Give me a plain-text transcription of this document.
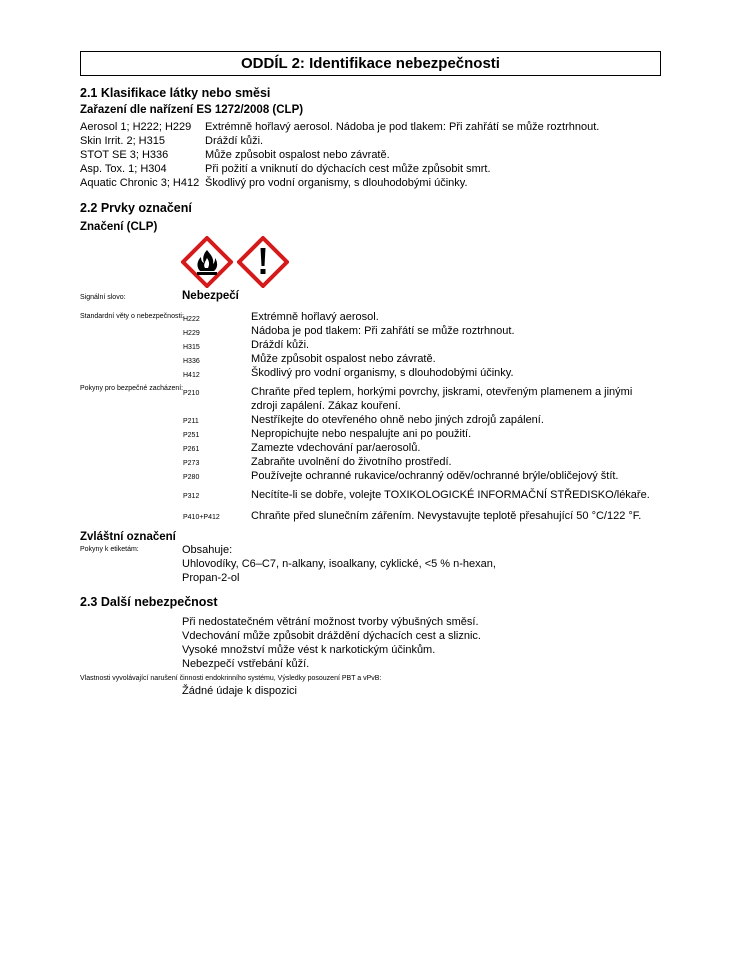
ODDÍL 2: Identifikace nebezpečnosti
2.1 Klasifikace látky nebo směsi
Zařazení dle nařízení ES 1272/2008 (CLP)
Aerosol 1; H222; H229 Extrémně hořlavý aerosol. Nádoba je pod tlakem: Při zahřátí se může roztrhnout.
Skin Irrit. 2; H315	Dráždí kůži.
STOT SE 3; H336	Může způsobit ospalost nebo závratě.
Asp. Tox. 1; H304	Při požití a vniknutí do dýchacích cest může způsobit smrt.
Aquatic Chronic 3; H412 Škodlivý pro vodní organismy, s dlouhodobými účinky.
2.2 Prvky označení
Značení (CLP)
Signální slovo:	Nebezpečí
Standardní věty o nebezpečnosti: H222	Extrémně hořlavý aerosol.
H229	Nádoba je pod tlakem: Při zahřátí se může roztrhnout.
H315	Dráždí kůži.
H336	Může způsobit ospalost nebo závratě.
H412	Škodlivý pro vodní organismy, s dlouhodobými účinky.
Pokyny pro bezpečné zacházení:
P210	Chraňte před teplem, horkými povrchy, jiskrami, otevřeným plamenem a jinými
zdroji zapálení. Zákaz kouření.
P211	Nestříkejte do otevřeného ohně nebo jiných zdrojů zapálení.
P251	Nepropichujte nebo nespalujte ani po použití.
P261	Zamezte vdechování par/aerosolů.
P273	Zabraňte uvolnění do životního prostředí.
P280	Používejte ochranné rukavice/ochranný oděv/ochranné brýle/obličejový štít.
P312	Necítíte-li se dobře, volejte TOXIKOLOGICKÉ INFORMAČNÍ STŘEDISKO/lékaře.
P410+P412	Chraňte před slunečním zářením. Nevystavujte teplotě přesahující 50 °C/122 °F.
Zvláštní označení
Pokyny k etiketám:	Obsahuje:
Uhlovodíky, C6–C7, n-alkany, isoalkany, cyklické, <5 % n-hexan,
Propan-2-ol
2.3 Další nebezpečnost
Při nedostatečném větrání možnost tvorby výbušných směsí.
Vdechování může způsobit dráždění dýchacích cest a sliznic.
Vysoké množství může vést k narkotickým účinkům.
Nebezpečí vstřebání kůží.
Vlastnosti vyvolávající narušení činnosti endokrinního systému, Výsledky posouzení PBT a vPvB:
Žádné údaje k dispozici
